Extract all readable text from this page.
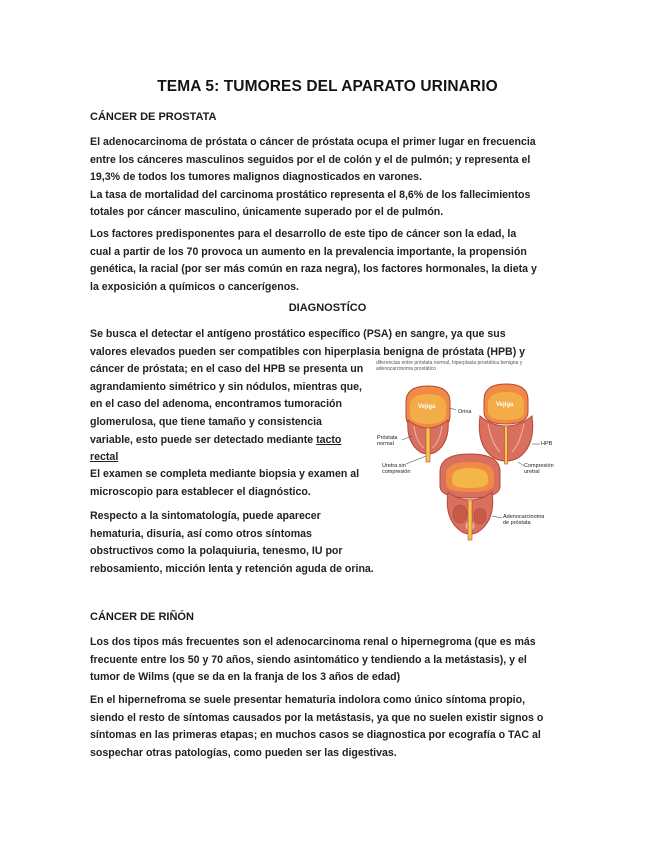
TEMA 5: TUMORES DEL APARATO URINARIO
CÁNCER DE PROSTATA
El adenocarcinoma de próstata o cáncer de próstata ocupa el primer lugar en frecuencia
entre los cánceres masculinos seguidos por el de colón y el de pulmón; y representa el
19,3% de todos los tumores malignos diagnosticados en varones.
La tasa de mortalidad del carcinoma prostático representa el 8,6% de los fallecimientos
totales por cáncer masculino, únicamente superado por el de pulmón.
Los factores predisponentes para el desarrollo de este tipo de cáncer son la edad, la
cual a partir de los 70 provoca un aumento en la prevalencia importante, la propensión
genética, la racial (por ser más común en raza negra), los factores hormonales, la dieta y
la exposición a químicos o cancerígenos.
DIAGNOSTÍCO
Se busca el detectar el antígeno prostático específico (PSA) en sangre, ya que sus
valores elevados pueden ser compatibles con hiperplasia benigna de próstata (HPB) y
cáncer de próstata; en el caso del HPB se presenta un
agrandamiento simétrico y sin nódulos, mientras que,
en el caso del adenoma, encontramos tumoración
glomerulosa, que tiene tamaño y consistencia
variable, esto puede ser detectado mediante tacto
rectal
El examen se completa mediante biopsia y examen al
microscopio para establecer el diagnóstico.
Respecto a la sintomatología, puede aparecer
hematuria, disuria, así como otros síntomas
obstructivos como la polaquiuria, tenesmo, IU por
rebosamiento, micción lenta y retención aguda de orina.
diferencias entre próstata normal, hiperplasia prostática benigna y
adenocarcinoma prostático
Vejiga	Vejiga
Orina
Próstata
normal	HPB
Uretra sin
compresión
Compresión
uretral
Adenocarcinoma
de próstata
CÁNCER DE RIÑÓN
Los dos tipos más frecuentes son el adenocarcinoma renal o hipernegroma (que es más
frecuente entre los 50 y 70 años, siendo asintomático y tendiendo a la metástasis), y el
tumor de Wilms (que se da en la franja de los 3 años de edad)
En el hipernefroma se suele presentar hematuria indolora como único síntoma propio,
siendo el resto de síntomas causados por la metástasis, ya que no suelen existir signos o
síntomas en las primeras etapas; en muchos casos se diagnostica por ecografía o TAC al
sospechar otras patologías, como pueden ser las digestivas.
